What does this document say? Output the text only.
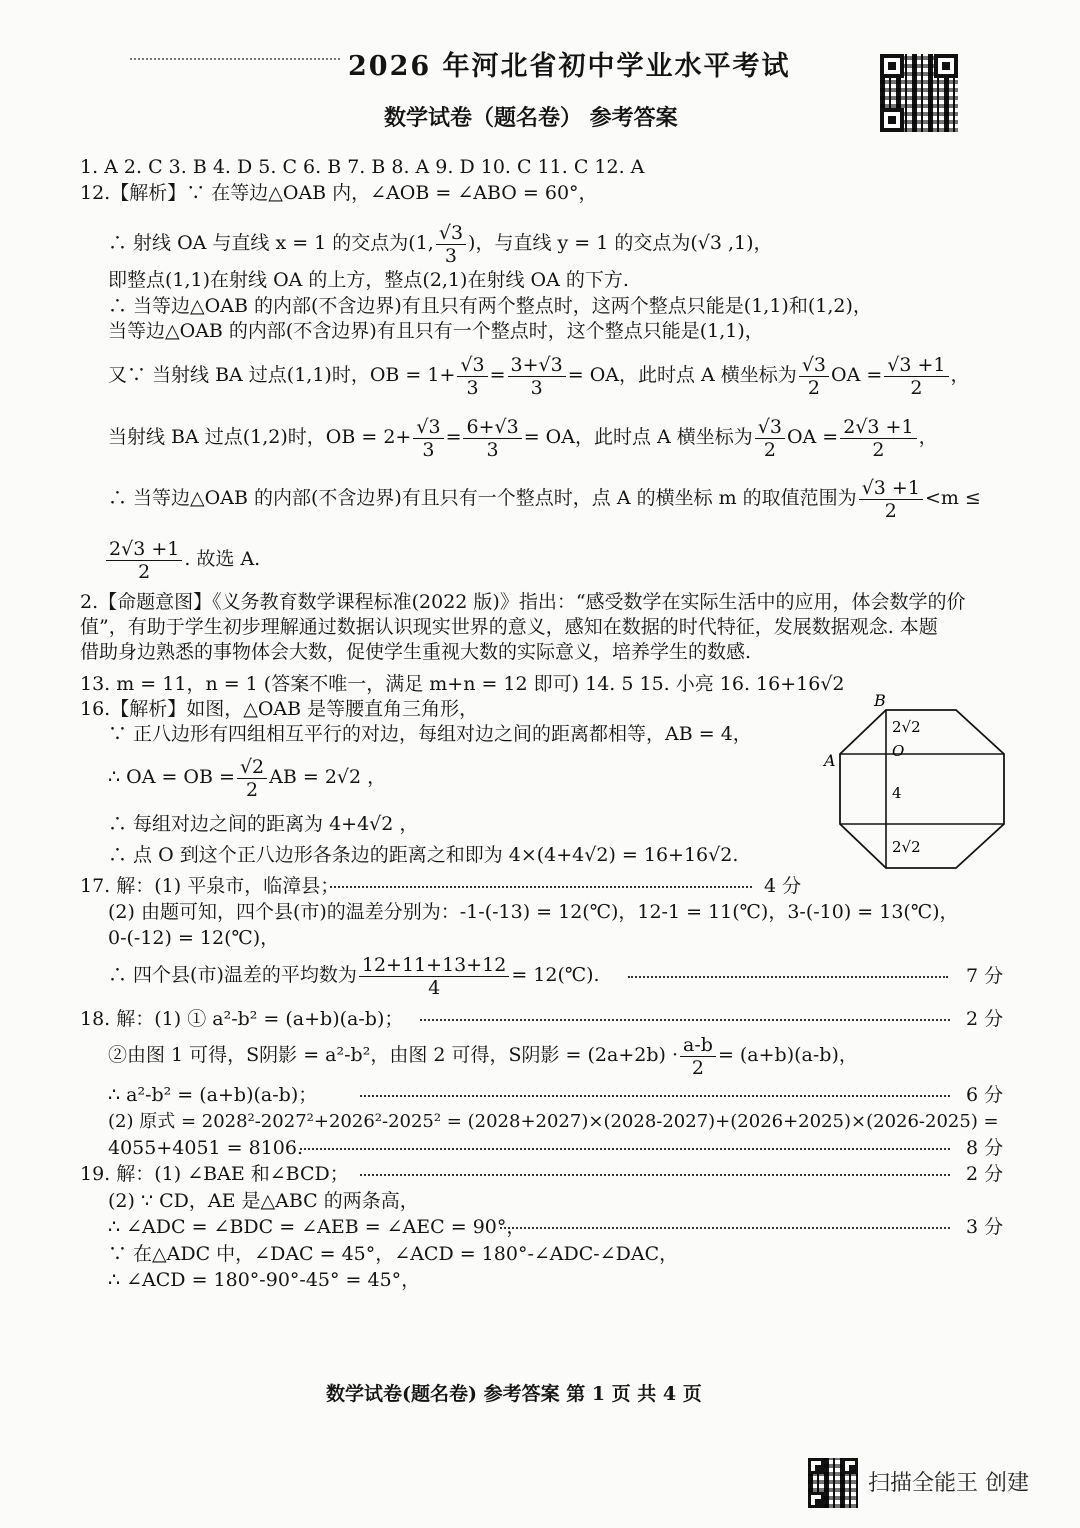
2026 年河北省初中学业水平考试
数学试卷（题名卷） 参考答案
1. A 2. C 3. B 4. D 5. C 6. B 7. B 8. A 9. D 10. C 11. C 12. A
12.【解析】∵ 在等边△OAB 内，∠AOB = ∠ABO = 60°，
∴ 射线 OA 与直线 x = 1 的交点为(1, $\frac{√3}{3}$ )，与直线 y = 1 的交点为(√3 ,1)，
即整点(1,1)在射线 OA 的上方，整点(2,1)在射线 OA 的下方.
∴ 当等边△OAB 的内部(不含边界)有且只有两个整点时，这两个整点只能是(1,1)和(1,2)，
当等边△OAB 的内部(不含边界)有且只有一个整点时，这个整点只能是(1,1)，
又∵ 当射线 BA 过点(1,1)时，OB = $1+ \frac{√3}{3} = \frac{3+√3}{3}$ = OA，此时点 A 横坐标为 $\frac{√3}{2}$ OA = $\frac{√3 +1}{2}$ ，
当射线 BA 过点(1,2)时，OB = $2+ \frac{√3}{3} = \frac{6+√3}{3}$ = OA，此时点 A 横坐标为 $\frac{√3}{2}$ OA = $\frac{2√3 +1}{2}$ ，
∴ 当等边△OAB 的内部(不含边界)有且只有一个整点时，点 A 的横坐标 m 的取值范围为 $\frac{√3 +1}{2} <m$ ≤
$\frac{2√3 +1}{2}$ . 故选 A.
2.【命题意图】《义务教育数学课程标准(2022 版)》指出：“感受数学在实际生活中的应用，体会数学的价
值”，有助于学生初步理解通过数据认识现实世界的意义，感知在数据的时代特征，发展数据观念. 本题
借助身边熟悉的事物体会大数，促使学生重视大数的实际意义，培养学生的数感.
13. m = 11，n = 1 (答案不唯一，满足 m+n = 12 即可) 14. 5 15. 小亮 16. 16+16√2
16.【解析】如图，△OAB 是等腰直角三角形，
∵ 正八边形有四组相互平行的对边，每组对边之间的距离都相等，AB = 4，
∴ OA = OB = $\frac{√2}{2}$ AB = 2√2 ，
∴ 每组对边之间的距离为 4+4√2 ，
∴ 点 O 到这个正八边形各条边的距离之和即为 4×(4+4√2) = 16+16√2.
B
A	O
2√2
4
2√2
17. 解：(1) 平泉市，临漳县；	4 分
(2) 由题可知，四个县(市)的温差分别为：-1-(-13) = 12(℃)，12-1 = 11(℃)，3-(-10) = 13(℃)，
0-(-12) = 12(℃)，
∴ 四个县(市)温差的平均数为 $\frac{12+11+13+12}{4}$ = 12(℃).	7 分
18. 解：(1) ① a²-b² = (a+b)(a-b)；	2 分
②由图 1 可得，S阴影 = a²-b²，由图 2 可得，S阴影 = $(2a+2b) \cdot \frac{a-b}{2} = (a+b)(a-b)$，
∴ a²-b² = (a+b)(a-b)；	6 分
(2) 原式 = 2028²-2027²+2026²-2025² = (2028+2027)×(2028-2027)+(2026+2025)×(2026-2025) =
4055+4051 = 8106.	8 分
19. 解：(1) ∠BAE 和∠BCD；	2 分
(2) ∵ CD，AE 是△ABC 的两条高，
∴ ∠ADC = ∠BDC = ∠AEB = ∠AEC = 90°，	3 分
∵ 在△ADC 中，∠DAC = 45°，∠ACD = 180°-∠ADC-∠DAC，
∴ ∠ACD = 180°-90°-45° = 45°，
数学试卷(题名卷) 参考答案 第 1 页 共 4 页
扫描全能王 创建
